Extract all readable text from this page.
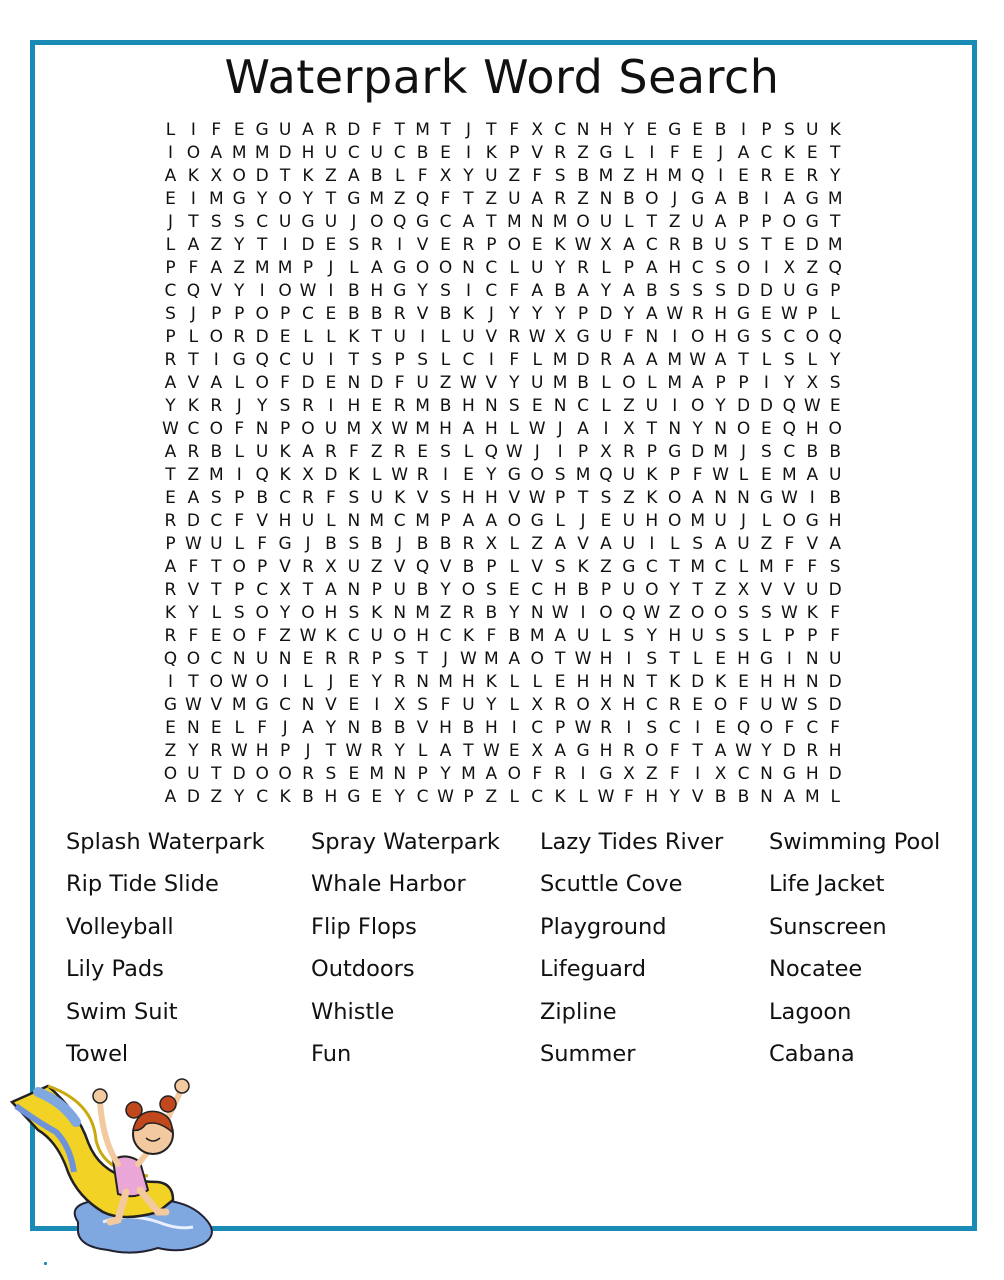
Waterpark Word Search
L I F E G U A R D F T M T J T F X C N H Y E G E B I P S U K
I O A M M D H U C U C B E I K P V R Z G L I F E J A C K E T
A K X O D T K Z A B L F X Y U Z F S B M Z H M Q I E R E R Y
E I M G Y O Y T G M Z Q F T Z U A R Z N B O J G A B I A G M
J T S S C U G U J O Q G C A T M N M O U L T Z U A P P O G T
L A Z Y T I D E S R I V E R P O E K W X A C R B U S T E D M
P F A Z M M P J L A G O O N C L U Y R L P A H C S O I X Z Q
C Q V Y I O W I B H G Y S I C F A B A Y A B S S S D D U G P
S J P P O P C E B B R V B K J Y Y Y P D Y A W R H G E W P L
P L O R D E L L K T U I L U V R W X G U F N I O H G S C O Q
R T I G Q C U I T S P S L C I F L M D R A A M W A T L S L Y
A V A L O F D E N D F U Z W V Y U M B L O L M A P P I Y X S
Y K R J Y S R I H E R M B H N S E N C L Z U I O Y D D Q W E
W C O F N P O U M X W M H A H L W J A I X T N Y N O E Q H O
A R B L U K A R F Z R E S L Q W J	I P X R P G D M J S C B B
T Z M I Q K X D K L W R I E Y G O S M Q U K P F W L E M A U
E A S P B C R F S U K V S H H V W P T S Z K O A N N G W I B
R D C F V H U L N M C M P A A O G L J E U H O M U J L O G H
P W U L F G J B S B J B B R X L Z A V A U I L S A U Z F V A
A F T O P V R X U Z V Q V B P L V S K Z G C T M C L M F F S
R V T P C X T A N P U B Y O S E C H B P U O Y T Z X V V U D
K Y L S O Y O H S K N M Z R B Y N W I O Q W Z O O S S W K F
R F E O F Z W K C U O H C K F B M A U L S Y H U S S L P P F
Q O C N U N E R R P S T J W M A O T W H I S T L E H G I N U
I T O W O I L J E Y R N M H K L L E H H N T K D K E H H N D
G W V M G C N V E I X S F U Y L X R O X H C R E O F U W S D
E N E L F J A Y N B B V H B H I C P W R I S C I E Q O F C F
Z Y R W H P J T W R Y L A T W E X A G H R O F T A W Y D R H
O U T D O O R S E M N P Y M A O F R I G X Z F I X C N G H D
A D Z Y C K B H G E Y C W P Z L C K L W F H Y V B B N A M L
Splash Waterpark	Spray Waterpark	Lazy Tides River	Swimming Pool
Rip Tide Slide	Whale Harbor	Scuttle Cove	Life Jacket
Volleyball	Flip Flops	Playground	Sunscreen
Lily Pads	Outdoors	Lifeguard	Nocatee
Swim Suit	Whistle	Zipline	Lagoon
Towel	Fun	Summer	Cabana
